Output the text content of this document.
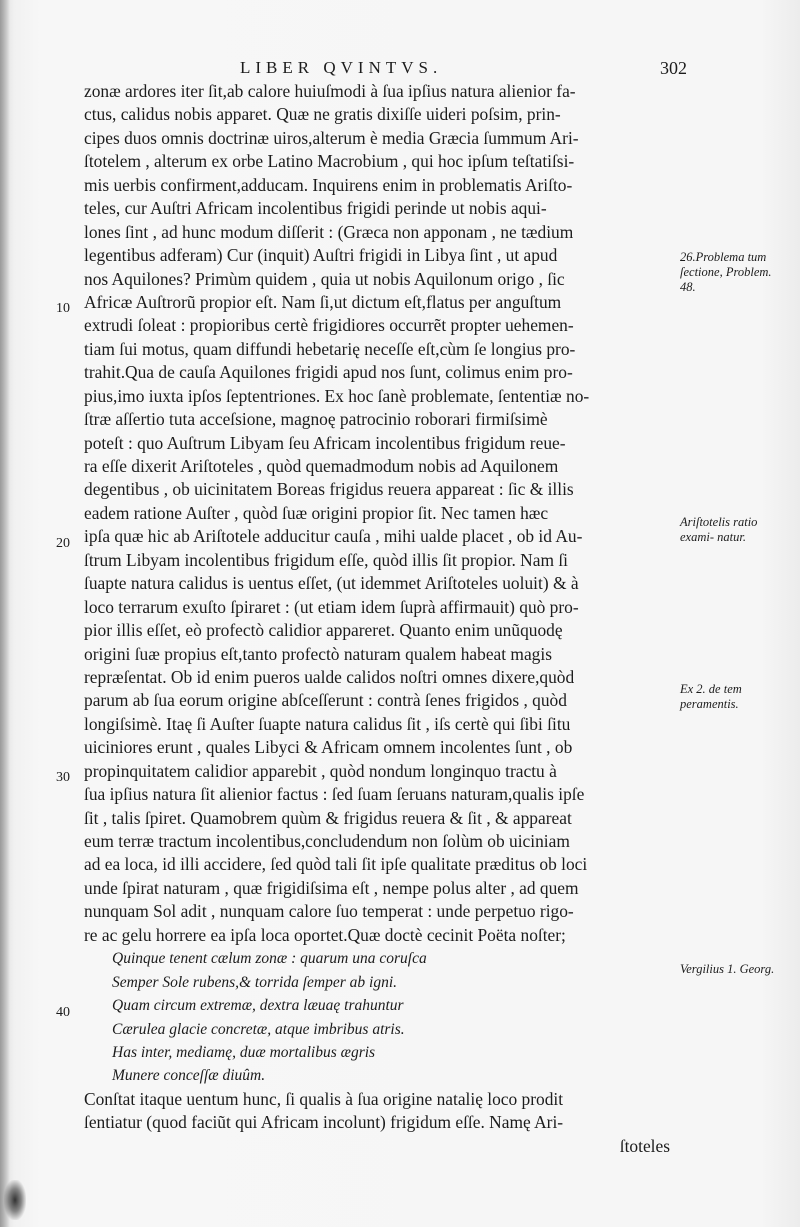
LIBER QVINTVS.	302
zonæ ardores iter ſit,ab calore huiuſmodi à ſua ipſius natura alienior fa-
ctus, calidus nobis apparet. Quæ ne gratis dixiſſe uideri poſsim, prin-
cipes duos omnis doctrinæ uiros,alterum è media Græcia ſummum Ari-
ſtotelem , alterum ex orbe Latino Macrobium , qui hoc ipſum teſtatiſsi-
mis uerbis confirment,adducam. Inquirens enim in problematis Ariſto-
teles, cur Auſtri Africam incolentibus frigidi perinde ut nobis aqui-
lones ſint , ad hunc modum diſſerit : (Græca non apponam , ne tædium
legentibus adferam) Cur (inquit) Auſtri frigidi in Libya ſint , ut apud
nos Aquilones? Primùm quidem , quia ut nobis Aquilonum origo , ſic
Africæ Auſtrorũ propior eſt. Nam ſi,ut dictum eſt,flatus per anguſtum
extrudi ſoleat : propioribus certè frigidiores occurrẽt propter uehemen-
tiam ſui motus, quam diffundi hebetarię neceſſe eſt,cùm ſe longius pro-
trahit.Qua de cauſa Aquilones frigidi apud nos ſunt, colimus enim pro-
pius,imo iuxta ipſos ſeptentriones. Ex hoc ſanè problemate, ſententiæ no-
ſtræ aſſertio tuta acceſsione, magnoę patrocinio roborari firmiſsimè
poteſt : quo Auſtrum Libyam ſeu Africam incolentibus frigidum reue-
ra eſſe dixerit Ariſtoteles , quòd quemadmodum nobis ad Aquilonem
degentibus , ob uicinitatem Boreas frigidus reuera appareat : ſic & illis
eadem ratione Auſter , quòd ſuæ origini propior ſit. Nec tamen hæc
ipſa quæ hic ab Ariſtotele adducitur cauſa , mihi ualde placet , ob id Au-
ſtrum Libyam incolentibus frigidum eſſe, quòd illis ſit propior. Nam ſi
ſuapte natura calidus is uentus eſſet, (ut idemmet Ariſtoteles uoluit) & à
loco terrarum exuſto ſpiraret : (ut etiam idem ſuprà affirmauit) quò pro-
pior illis eſſet, eò profectò calidior appareret. Quanto enim unũquodę
origini ſuæ propius eſt,tanto profectò naturam qualem habeat magis
repræſentat. Ob id enim pueros ualde calidos noſtri omnes dixere,quòd
parum ab ſua eorum origine abſceſſerunt : contrà ſenes frigidos , quòd
longiſsimè. Itaę ſi Auſter ſuapte natura calidus ſit , iſs certè qui ſibi ſitu
uiciniores erunt , quales Libyci & Africam omnem incolentes ſunt , ob
propinquitatem calidior apparebit , quòd nondum longinquo tractu à
ſua ipſius natura ſit alienior factus : ſed ſuam ſeruans naturam,qualis ipſe
ſit , talis ſpiret. Quamobrem quùm & frigidus reuera & ſit , & appareat
eum terræ tractum incolentibus,concludendum non ſolùm ob uiciniam
ad ea loca, id illi accidere, ſed quòd tali ſit ipſe qualitate præditus ob loci
unde ſpirat naturam , quæ frigidiſsima eſt , nempe polus alter , ad quem
nunquam Sol adit , nunquam calore ſuo temperat : unde perpetuo rigo-
re ac gelu horrere ea ipſa loca oportet.Quæ doctè cecinit Poëta noſter;
Quinque tenent cælum zonæ : quarum una coruſca
Semper Sole rubens,& torrida ſemper ab igni.
Quam circum extremæ, dextra læuaę trahuntur
Cærulea glacie concretæ, atque imbribus atris.
Has inter, mediamę, duæ mortalibus ægris
Munere conceſſæ diuûm.
Conſtat itaque uentum hunc, ſi qualis à ſua origine natalię loco prodit
ſentiatur (quod faciũt qui Africam incolunt) frigidum eſſe. Namę Ari-
ſtoteles
10
20
30
40
26.Problema tum ſectione, Problem. 48.
Ariſtotelis ratio exami- natur.
Ex 2. de tem peramentis.
Vergilius 1. Georg.
